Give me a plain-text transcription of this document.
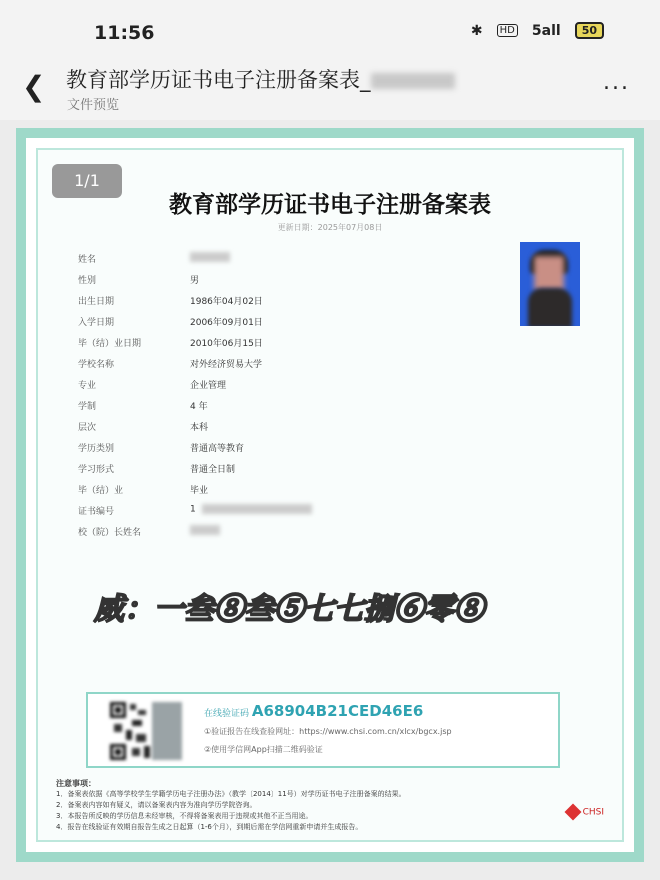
11:56	✱	HD 5all	50
❮ 教育部学历证书电子注册备案表_
文件预览
...
1/1
教育部学历证书电子注册备案表
更新日期：2025年07月08日
姓名
性别	男
出生日期	1986年04月02日
入学日期	2006年09月01日
毕（结）业日期	2010年06月15日
学校名称	对外经济贸易大学
专业	企业管理
学制	4 年
层次	本科
学历类别	普通高等教育
学习形式	普通全日制
毕（结）业	毕业
证书编号	1
校（院）长姓名
威：一叁⑧叁⑤七七捌⑥零⑧
在线验证码 A68904B21CED46E6
①验证报告在线查验网址：https://www.chsi.com.cn/xlcx/bgcx.jsp
②使用学信网App扫描二维码验证
注意事项：
1．备案表依据《高等学校学生学籍学历电子注册办法》（教学〔2014〕11号）对学历证书电子注册备案的结果。
2．备案表内容如有疑义，请以备案表内容为准向学历学院咨询。
3．本报告所反映的学历信息未经审核，不得将备案表用于违规或其他不正当用途。
4．报告在线验证有效期自报告生成之日起算（1-6个月），到期后需在学信网重新申请并生成报告。
CHSI
